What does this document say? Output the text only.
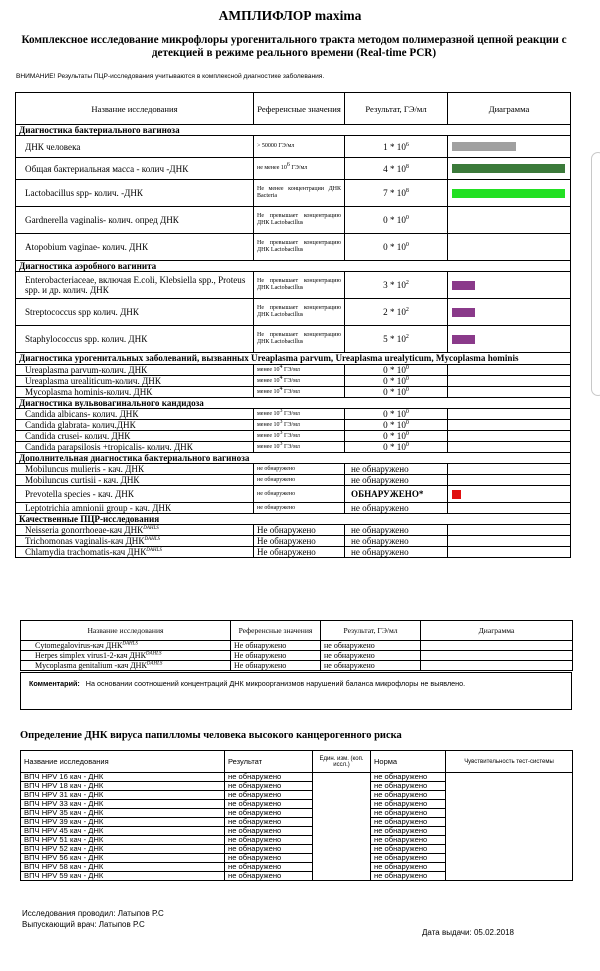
АМПЛИФЛОР maxima
Комплексное исследование микрофлоры урогенитального тракта методом полимеразной цепной реакции с детекцией в режиме реального времени (Real-time PCR)
ВНИМАНИЕ! Результаты ПЦР-исследования учитываются в комплексной диагностике заболевания.
Название исследования	Референсные значения	Результат, ГЭ/мл	Диаграмма
Диагностика бактериального вагиноза			
ДНК человека	> 50000 ГЭ/мл	$1 * 10^6$	

Общая бактериальная масса - колич -ДНК	не менее $10^6$ ГЭ/мл	$4 * 10^8$	

Lactobacillus spp- колич. -ДНК	Не менее концентрации ДНК Bacteria	$7 * 10^8$	

Gardnerella vaginalis- колич. опред ДНК	Не превышает концентрацию ДНК Lactobacillus	$0 * 10^0$	
Atopobium vaginae- колич. ДНК	Не превышает концентрацию ДНК Lactobacillus	$0 * 10^0$	
Диагностика аэробного вагинита			
Enterobacteriaceae, включая E.coli, Klebsiella spp., Proteus spp. и др. колич. ДНК	Не превышает концентрацию ДНК Lactobacillus	$3 * 10^2$	

Streptococcus spp колич. ДНК	Не превышает концентрацию ДНК Lactobacillus	$2 * 10^2$	

Staphylococcus spp. колич. ДНК	Не превышает концентрацию ДНК Lactobacillus	$5 * 10^2$	

Диагностика урогенитальных заболеваний, вызванных Ureaplasma parvum, Ureaplasma urealyticum, Mycoplasma hominis			
Ureaplasma parvum-колич. ДНК	менее $10^4$ ГЭ/мл	$0 * 10^0$	
Ureaplasma urealiticum-колич. ДНК	менее $10^4$ ГЭ/мл	$0 * 10^0$	
Mycoplasma hominis-колич. ДНК	менее $10^4$ ГЭ/мл	$0 * 10^0$	
Диагностика вульвовагинального кандидоза			
Candida albicans- колич. ДНК	менее $10^3$ ГЭ/мл	$0 * 10^0$	
Candida glabrata- колич.ДНК	менее $10^3$ ГЭ/мл	$0 * 10^0$	
Candida crusei- колич. ДНК	менее $10^3$ ГЭ/мл	$0 * 10^0$	
Candida parapsilosis +tropicalis- колич. ДНК	менее $10^3$ ГЭ/мл	$0 * 10^0$	
Дополнительная диагностика бактериального вагиноза			
Mobiluncus mulieris - кач. ДНК	не обнаружено	не обнаружено	
Mobiluncus curtisii - кач. ДНК	не обнаружено	не обнаружено	
Prevotella species - кач. ДНК	не обнаружено	ОБНАРУЖЕНО*	

Leptotrichia amnionii group - кач. ДНК	не обнаружено	не обнаружено	
Качественные ПЦР-исследования			
Neisseria gonorrhoeae-кач $ДНК^{DAHLS}$	Не обнаружено	не обнаружено	
Trichomonas vaginalis-кач $ДНК^{DAHLS}$	Не обнаружено	не обнаружено	
Chlamydia trachomatis-кач $ДНК^{DAHLS}$	Не обнаружено	не обнаружено	
Название исследования	Референсные значения	Результат, ГЭ/мл	Диаграмма
Cytomegalovirus-кач $ДНК^{DAHLS}$	Не обнаружено	не обнаружено	
Herpes simplex virus1-2-кач $ДНК^{DAHLS}$	Не обнаружено	не обнаружено	
Mycoplasma genitalium -кач $ДНК^{DAHLS}$	Не обнаружено	не обнаружено	
Комментарий: На основании соотношений концентраций ДНК микроорганизмов нарушений баланса микрофлоры не выявлено.
Определение ДНК вируса папилломы человека высокого канцерогенного риска
Название исследования	Результат	Един. изм. (коп. иссл.)	Норма	Чувствительность тест-системы
ВПЧ HPV 16 кач - ДНК	не обнаружено		не обнаружено	
ВПЧ HPV 18 кач - ДНК	не обнаружено		не обнаружено	
ВПЧ HPV 31 кач - ДНК	не обнаружено		не обнаружено	
ВПЧ HPV 33 кач - ДНК	не обнаружено		не обнаружено	
ВПЧ HPV 35 кач - ДНК	не обнаружено		не обнаружено	
ВПЧ HPV 39 кач - ДНК	не обнаружено		не обнаружено	
ВПЧ HPV 45 кач - ДНК	не обнаружено		не обнаружено	
ВПЧ HPV 51 кач - ДНК	не обнаружено		не обнаружено	
ВПЧ HPV 52 кач - ДНК	не обнаружено		не обнаружено	
ВПЧ HPV 56 кач - ДНК	не обнаружено		не обнаружено	
ВПЧ HPV 58 кач - ДНК	не обнаружено		не обнаружено	
ВПЧ HPV 59 кач - ДНК	не обнаружено		не обнаружено	
Исследования проводил: Латыпов Р.С
Выпускающий врач: Латыпов Р.С
Дата выдачи: 05.02.2018
